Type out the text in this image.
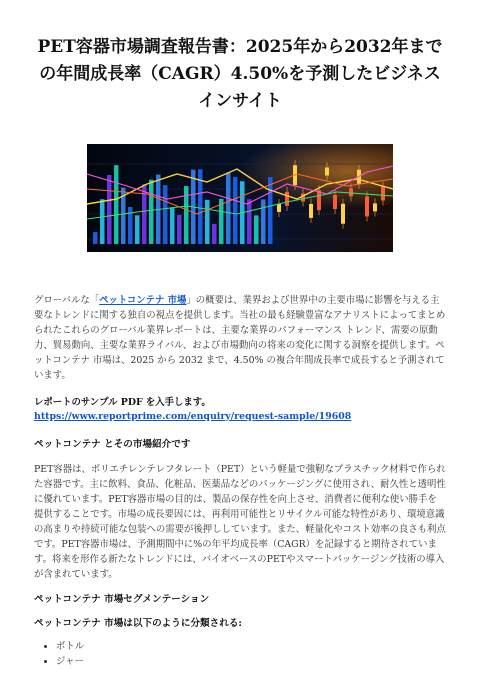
PET容器市場調査報告書：2025年から2032年までの年間成長率（CAGR）4.50%を予測したビジネスインサイト

グローバルな「ペットコンテナ 市場」の概要は、業界および世界中の主要市場に影響を与える主要なトレンドに関する独自の視点を提供します。当社の最も経験豊富なアナリストによってまとめられたこれらのグローバル業界レポートは、主要な業界のパフォーマンス トレンド、需要の原動力、貿易動向、主要な業界ライバル、および市場動向の将来の変化に関する洞察を提供します。ペットコンテナ 市場は、2025 から 2032 まで、4.50% の複合年間成長率で成長すると予測されています。

レポートのサンプル PDF を入手します。 https://www.reportprime.com/enquiry/request-sample/19608

ペットコンテナ とその市場紹介です

PET容器は、ポリエチレンテレフタレート（PET）という軽量で強靭なプラスチック材料で作られた容器です。主に飲料、食品、化粧品、医薬品などのパッケージングに使用され、耐久性と透明性に優れています。PET容器市場の目的は、製品の保存性を向上させ、消費者に便利な使い勝手を提供することです。市場の成長要因には、再利用可能性とリサイクル可能な特性があり、環境意識の高まりや持続可能な包装への需要が後押ししています。また、軽量化やコスト効率の良さも利点です。PET容器市場は、予測期間中に%の年平均成長率（CAGR）を記録すると期待されています。将来を形作る新たなトレンドには、バイオベースのPETやスマートパッケージング技術の導入が含まれています。

ペットコンテナ 市場セグメンテーション
ペットコンテナ 市場は以下のように分類される:
• ボトル
• ジャー
